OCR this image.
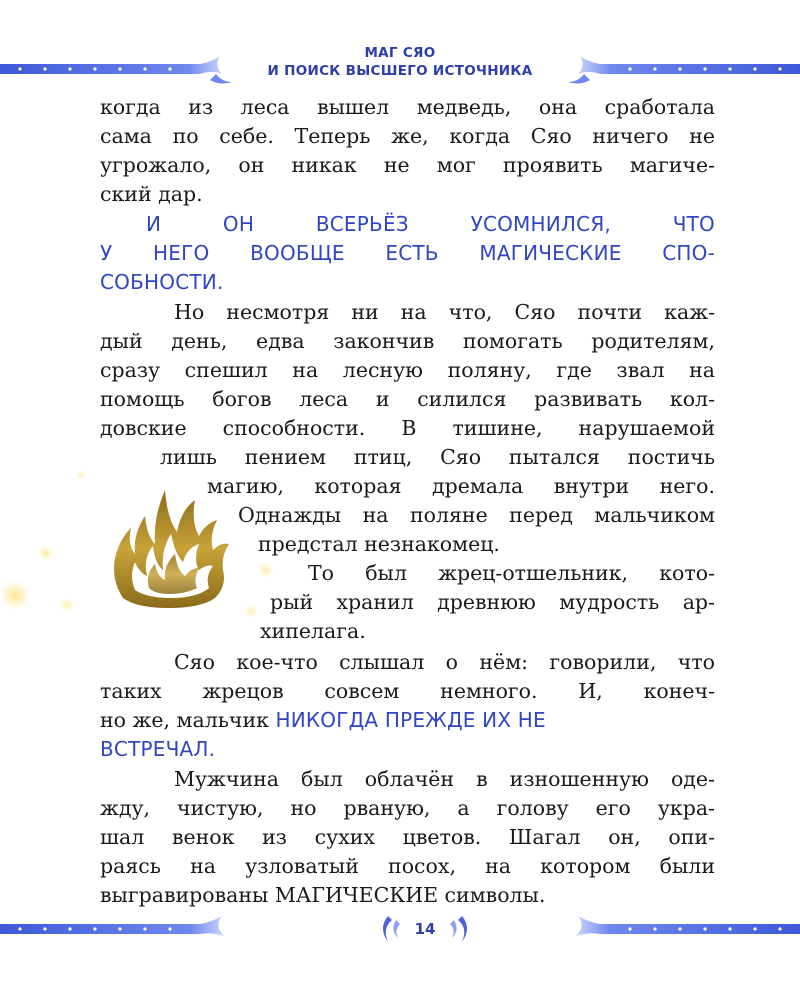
МАГ СЯО
И ПОИСК ВЫСШЕГО ИСТОЧНИКА
когда из леса вышел медведь, она сработала
сама по себе. Теперь же, когда Сяо ничего не
угрожало, он никак не мог проявить магиче-
ский дар.
И ОН ВСЕРЬЁЗ УСОМНИЛСЯ, ЧТО
У НЕГО ВООБЩЕ ЕСТЬ МАГИЧЕСКИЕ СПО-
СОБНОСТИ.
Но несмотря ни на что, Сяо почти каж-
дый день, едва закончив помогать родителям,
сразу спешил на лесную поляну, где звал на
помощь богов леса и силился развивать кол-
довские способности. В тишине, нарушаемой
лишь пением птиц, Сяо пытался постичь
магию, которая дремала внутри него.
Однажды на поляне перед мальчиком
предстал незнакомец.
То был жрец-отшельник, кото-
рый хранил древнюю мудрость ар-
хипелага.
Сяо кое-что слышал о нём: говорили, что
таких жрецов совсем немного. И, конеч-
но же, мальчик НИКОГДА ПРЕЖДЕ ИХ НЕ
ВСТРЕЧАЛ.
Мужчина был облачён в изношенную оде-
жду, чистую, но рваную, а голову его укра-
шал венок из сухих цветов. Шагал он, опи-
раясь на узловатый посох, на котором были
выгравированы МАГИЧЕСКИЕ символы.
14
